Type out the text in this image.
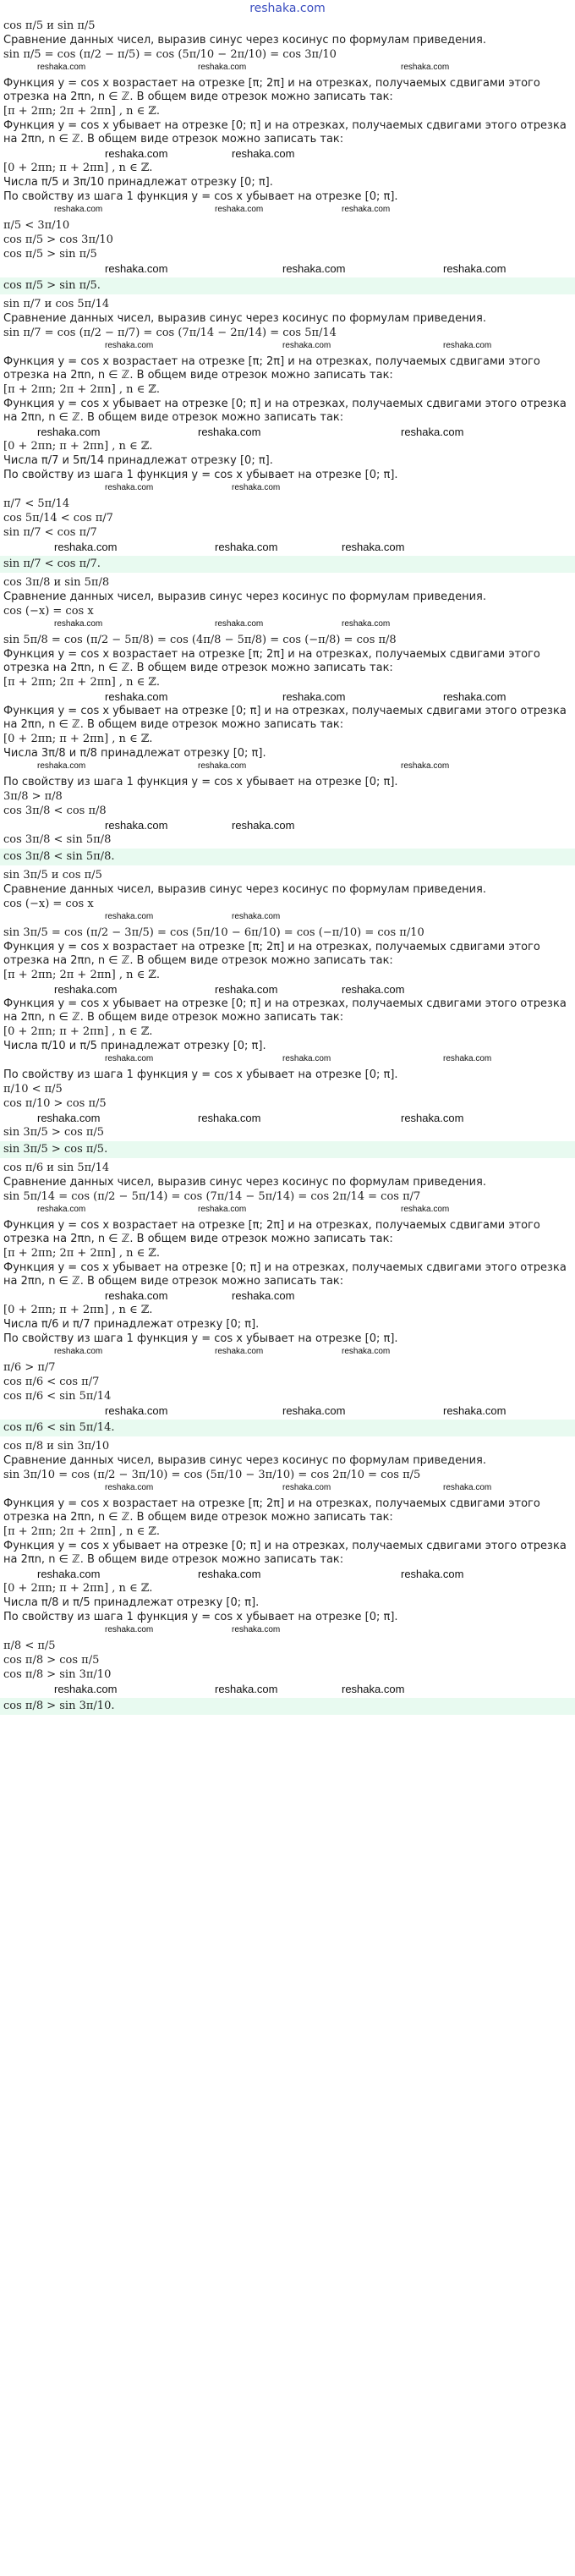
reshaka.com
cos π/5 и sin π/5
Сравнение данных чисел, выразив синус через косинус по формулам приведения.
sin π/5 = cos (π/2 − π/5) = cos (5π/10 − 2π/10) = cos 3π/10
reshaka.com	reshaka.com	reshaka.com
Функция y = cos x возрастает на отрезке [π; 2π] и на отрезках, получаемых сдвигами этого отрезка на 2πn, n ∈ ℤ. В общем виде отрезок можно записать так:
[π + 2πn; 2π + 2πn] , n ∈ ℤ.
Функция y = cos x убывает на отрезке [0; π] и на отрезках, получаемых сдвигами этого отрезка на 2πn, n ∈ ℤ. В общем виде отрезок можно записать так:
reshaka.com	reshaka.com
[0 + 2πn; π + 2πn] , n ∈ ℤ.
Числа π/5 и 3π/10 принадлежат отрезку [0; π].
По свойству из шага 1 функция y = cos x убывает на отрезке [0; π].
reshaka.com	reshaka.com	reshaka.com
π/5 < 3π/10
cos π/5 > cos 3π/10
cos π/5 > sin π/5
reshaka.com	reshaka.com	reshaka.com
cos π/5 > sin π/5.
sin π/7 и cos 5π/14
Сравнение данных чисел, выразив синус через косинус по формулам приведения.
sin π/7 = cos (π/2 − π/7) = cos (7π/14 − 2π/14) = cos 5π/14
reshaka.com	reshaka.com	reshaka.com
Функция y = cos x возрастает на отрезке [π; 2π] и на отрезках, получаемых сдвигами этого отрезка на 2πn, n ∈ ℤ. В общем виде отрезок можно записать так:
[π + 2πn; 2π + 2πn] , n ∈ ℤ.
Функция y = cos x убывает на отрезке [0; π] и на отрезках, получаемых сдвигами этого отрезка на 2πn, n ∈ ℤ. В общем виде отрезок можно записать так:
reshaka.com	reshaka.com	reshaka.com
[0 + 2πn; π + 2πn] , n ∈ ℤ.
Числа π/7 и 5π/14 принадлежат отрезку [0; π].
По свойству из шага 1 функция y = cos x убывает на отрезке [0; π].
reshaka.com	reshaka.com
π/7 < 5π/14
cos 5π/14 < cos π/7
sin π/7 < cos π/7
reshaka.com	reshaka.com	reshaka.com
sin π/7 < cos π/7.
cos 3π/8 и sin 5π/8
Сравнение данных чисел, выразив синус через косинус по формулам приведения.
cos (−x) = cos x
reshaka.com	reshaka.com	reshaka.com
sin 5π/8 = cos (π/2 − 5π/8) = cos (4π/8 − 5π/8) = cos (−π/8) = cos π/8
Функция y = cos x возрастает на отрезке [π; 2π] и на отрезках, получаемых сдвигами этого отрезка на 2πn, n ∈ ℤ. В общем виде отрезок можно записать так:
[π + 2πn; 2π + 2πn] , n ∈ ℤ.
reshaka.com	reshaka.com	reshaka.com
Функция y = cos x убывает на отрезке [0; π] и на отрезках, получаемых сдвигами этого отрезка на 2πn, n ∈ ℤ. В общем виде отрезок можно записать так:
[0 + 2πn; π + 2πn] , n ∈ ℤ.
Числа 3π/8 и π/8 принадлежат отрезку [0; π].
reshaka.com	reshaka.com	reshaka.com
По свойству из шага 1 функция y = cos x убывает на отрезке [0; π].
3π/8 > π/8
cos 3π/8 < cos π/8
reshaka.com	reshaka.com
cos 3π/8 < sin 5π/8
cos 3π/8 < sin 5π/8.
sin 3π/5 и cos π/5
Сравнение данных чисел, выразив синус через косинус по формулам приведения.
cos (−x) = cos x
reshaka.com	reshaka.com
sin 3π/5 = cos (π/2 − 3π/5) = cos (5π/10 − 6π/10) = cos (−π/10) = cos π/10
Функция y = cos x возрастает на отрезке [π; 2π] и на отрезках, получаемых сдвигами этого отрезка на 2πn, n ∈ ℤ. В общем виде отрезок можно записать так:
[π + 2πn; 2π + 2πn] , n ∈ ℤ.
reshaka.com	reshaka.com	reshaka.com
Функция y = cos x убывает на отрезке [0; π] и на отрезках, получаемых сдвигами этого отрезка на 2πn, n ∈ ℤ. В общем виде отрезок можно записать так:
[0 + 2πn; π + 2πn] , n ∈ ℤ.
Числа π/10 и π/5 принадлежат отрезку [0; π].
reshaka.com	reshaka.com	reshaka.com
По свойству из шага 1 функция y = cos x убывает на отрезке [0; π].
π/10 < π/5
cos π/10 > cos π/5
reshaka.com	reshaka.com	reshaka.com
sin 3π/5 > cos π/5
sin 3π/5 > cos π/5.
cos π/6 и sin 5π/14
Сравнение данных чисел, выразив синус через косинус по формулам приведения.
sin 5π/14 = cos (π/2 − 5π/14) = cos (7π/14 − 5π/14) = cos 2π/14 = cos π/7
reshaka.com	reshaka.com	reshaka.com
Функция y = cos x возрастает на отрезке [π; 2π] и на отрезках, получаемых сдвигами этого отрезка на 2πn, n ∈ ℤ. В общем виде отрезок можно записать так:
[π + 2πn; 2π + 2πn] , n ∈ ℤ.
Функция y = cos x убывает на отрезке [0; π] и на отрезках, получаемых сдвигами этого отрезка на 2πn, n ∈ ℤ. В общем виде отрезок можно записать так:
reshaka.com	reshaka.com
[0 + 2πn; π + 2πn] , n ∈ ℤ.
Числа π/6 и π/7 принадлежат отрезку [0; π].
По свойству из шага 1 функция y = cos x убывает на отрезке [0; π].
reshaka.com	reshaka.com	reshaka.com
π/6 > π/7
cos π/6 < cos π/7
cos π/6 < sin 5π/14
reshaka.com	reshaka.com	reshaka.com
cos π/6 < sin 5π/14.
cos π/8 и sin 3π/10
Сравнение данных чисел, выразив синус через косинус по формулам приведения.
sin 3π/10 = cos (π/2 − 3π/10) = cos (5π/10 − 3π/10) = cos 2π/10 = cos π/5
reshaka.com	reshaka.com	reshaka.com
Функция y = cos x возрастает на отрезке [π; 2π] и на отрезках, получаемых сдвигами этого отрезка на 2πn, n ∈ ℤ. В общем виде отрезок можно записать так:
[π + 2πn; 2π + 2πn] , n ∈ ℤ.
Функция y = cos x убывает на отрезке [0; π] и на отрезках, получаемых сдвигами этого отрезка на 2πn, n ∈ ℤ. В общем виде отрезок можно записать так:
reshaka.com	reshaka.com	reshaka.com
[0 + 2πn; π + 2πn] , n ∈ ℤ.
Числа π/8 и π/5 принадлежат отрезку [0; π].
По свойству из шага 1 функция y = cos x убывает на отрезке [0; π].
reshaka.com	reshaka.com
π/8 < π/5
cos π/8 > cos π/5
cos π/8 > sin 3π/10
reshaka.com	reshaka.com	reshaka.com
cos π/8 > sin 3π/10.
